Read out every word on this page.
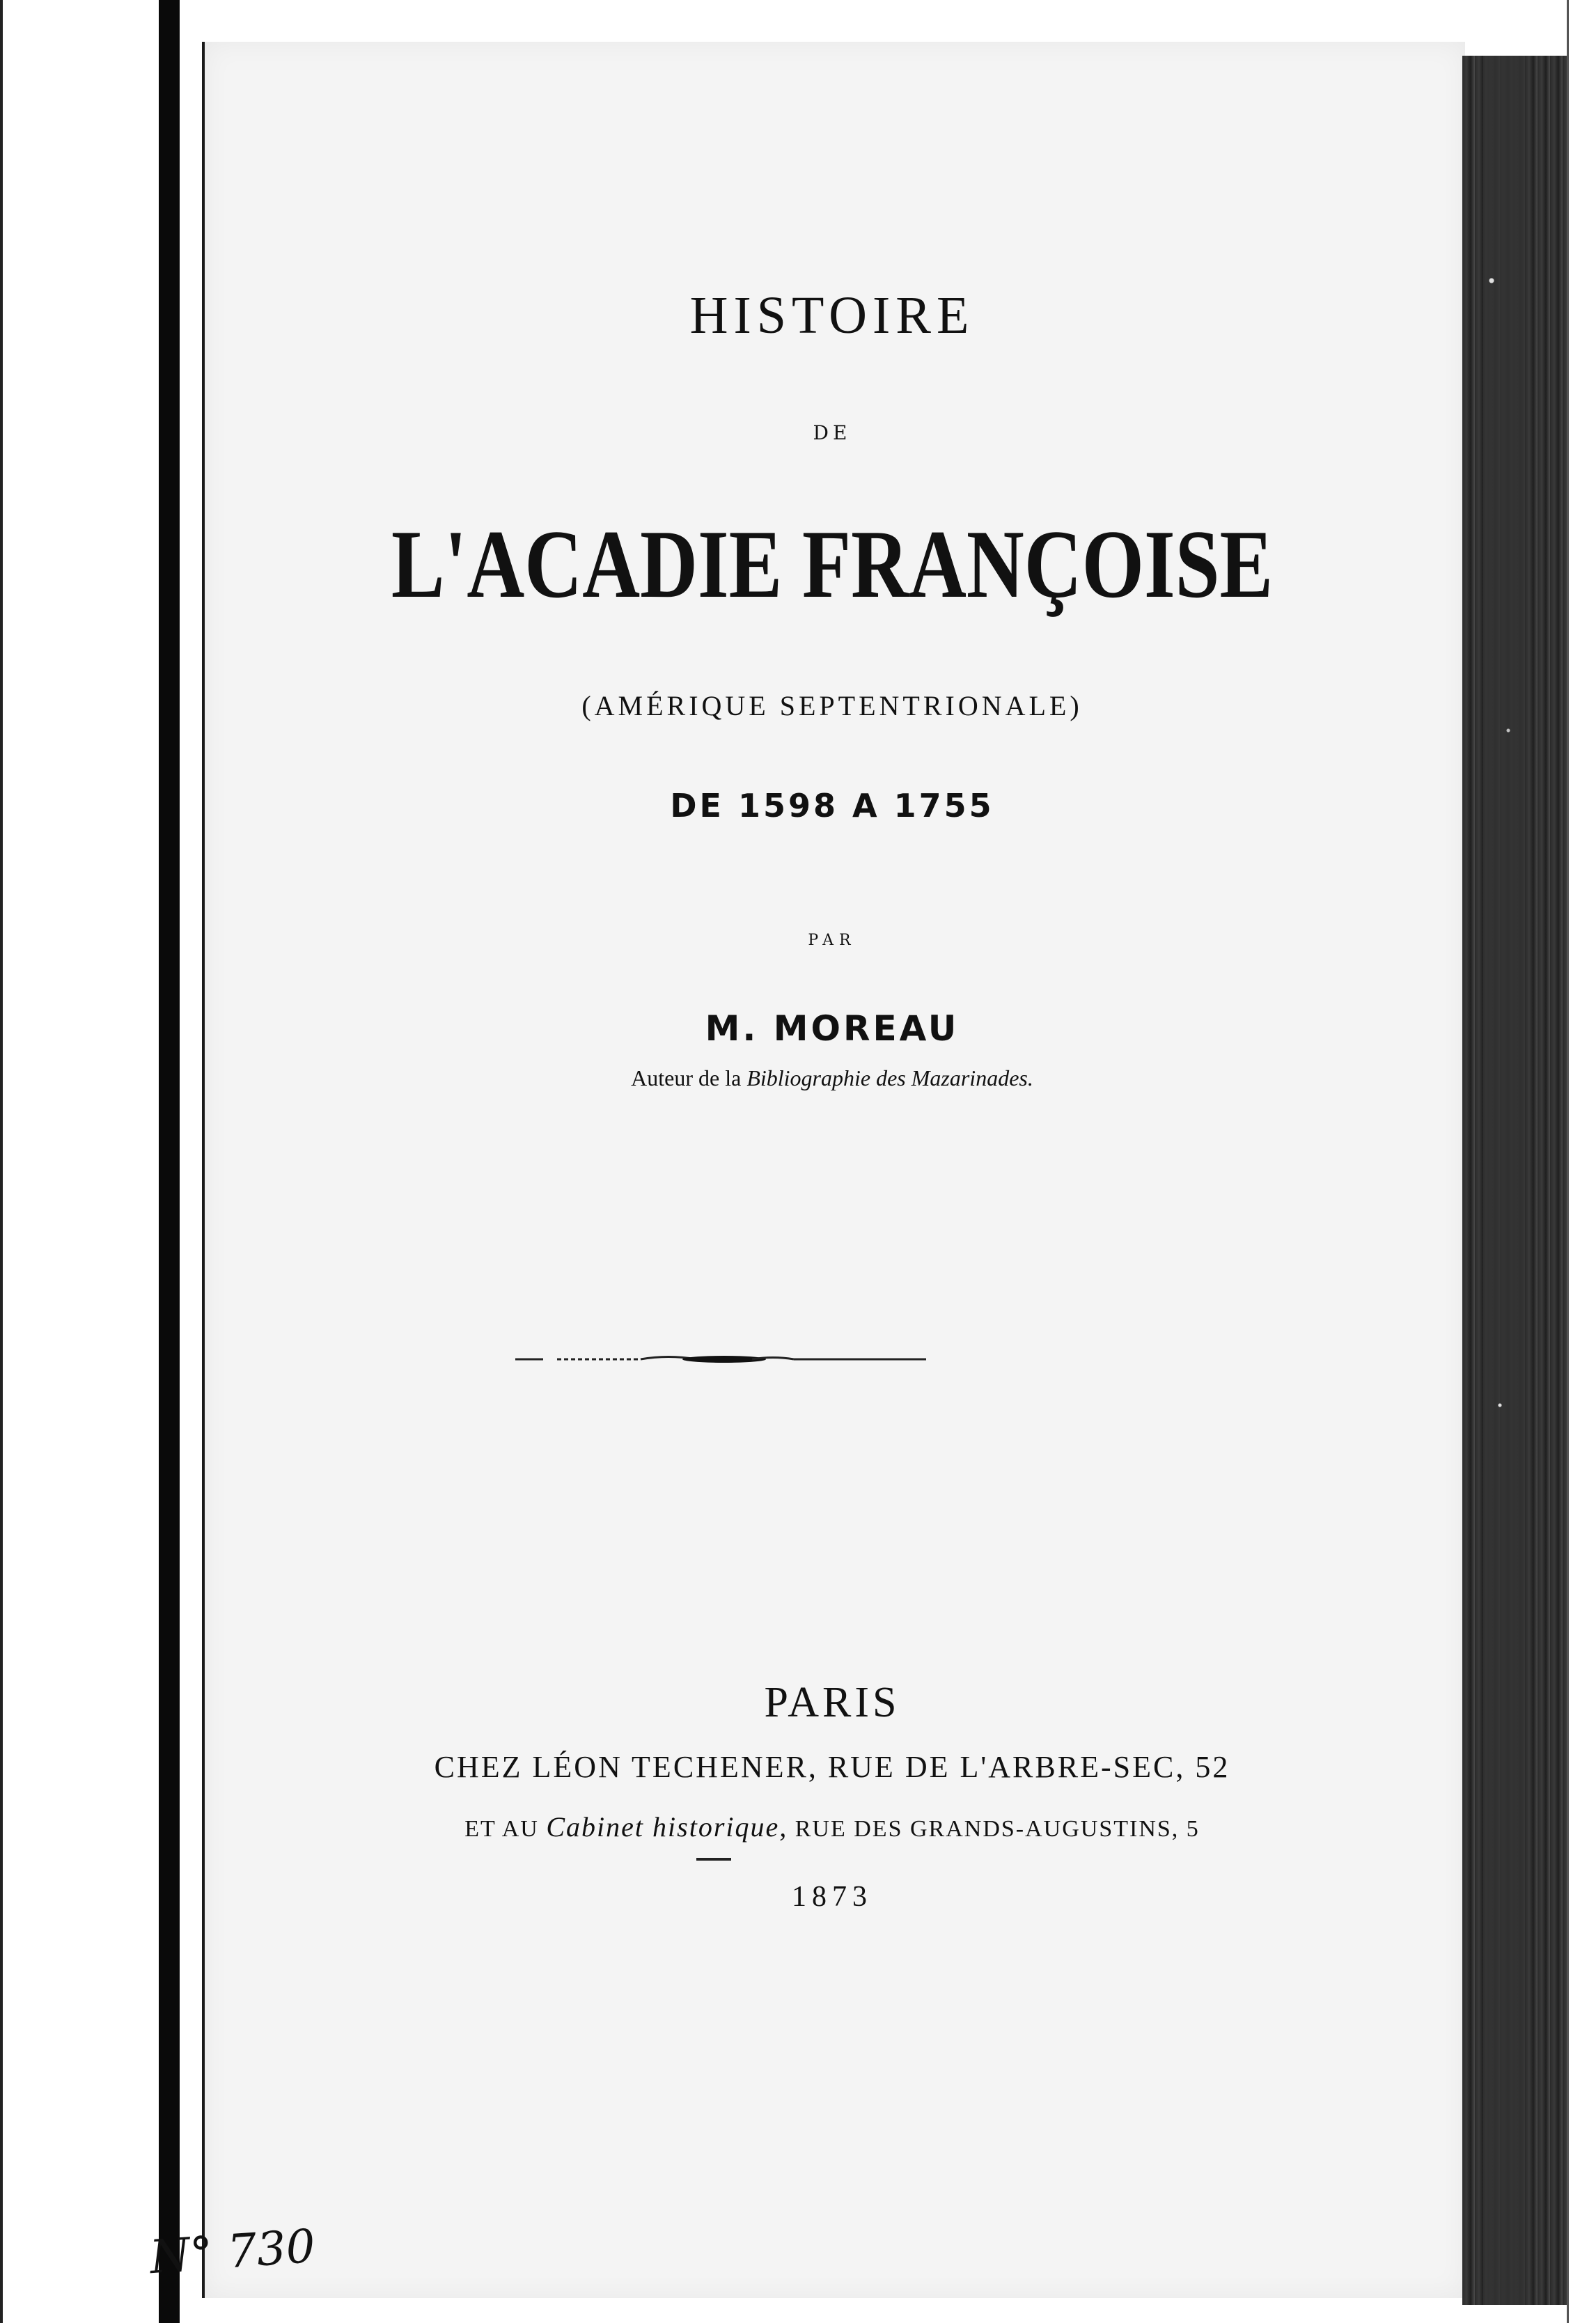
HISTOIRE
DE
L'ACADIE FRANÇOISE
(AMÉRIQUE SEPTENTRIONALE)
DE 1598 A 1755
PAR
M. MOREAU
Auteur de la Bibliographie des Mazarinades.
PARIS
CHEZ LÉON TECHENER, RUE DE L'ARBRE-SEC, 52
ET AU Cabinet historique, RUE DES GRANDS-AUGUSTINS, 5
1873
N° 730
